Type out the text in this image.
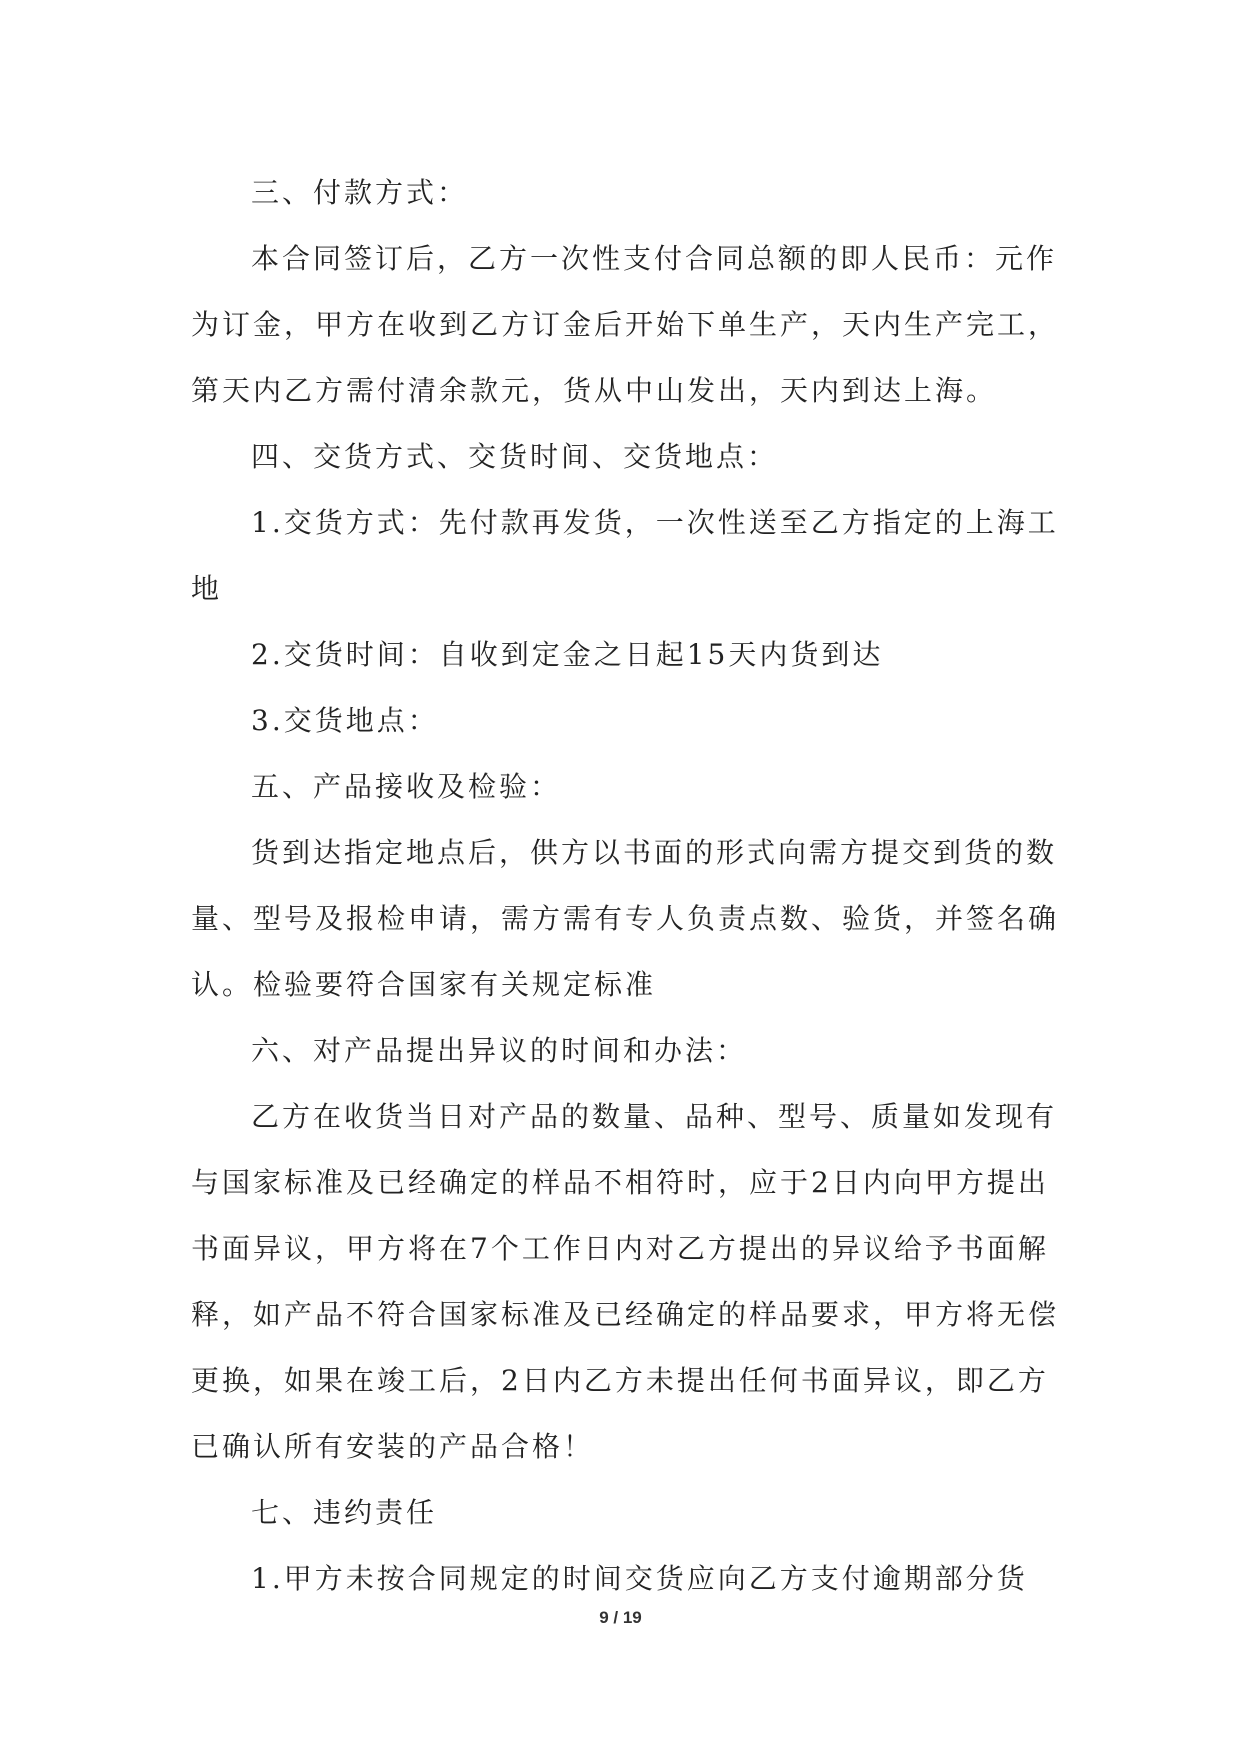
三、付款方式：
本合同签订后，乙方一次性支付合同总额的即人民币：元作
为订金，甲方在收到乙方订金后开始下单生产，天内生产完工，
第天内乙方需付清余款元，货从中山发出，天内到达上海。
四、交货方式、交货时间、交货地点：
1.交货方式：先付款再发货，一次性送至乙方指定的上海工
地
2.交货时间：自收到定金之日起15天内货到达
3.交货地点：
五、产品接收及检验：
货到达指定地点后，供方以书面的形式向需方提交到货的数
量、型号及报检申请，需方需有专人负责点数、验货，并签名确
认。检验要符合国家有关规定标准
六、对产品提出异议的时间和办法：
乙方在收货当日对产品的数量、品种、型号、质量如发现有
与国家标准及已经确定的样品不相符时，应于2日内向甲方提出
书面异议，甲方将在7个工作日内对乙方提出的异议给予书面解
释，如产品不符合国家标准及已经确定的样品要求，甲方将无偿
更换，如果在竣工后，2日内乙方未提出任何书面异议，即乙方
已确认所有安装的产品合格！
七、违约责任
1.甲方未按合同规定的时间交货应向乙方支付逾期部分货
9 / 19
